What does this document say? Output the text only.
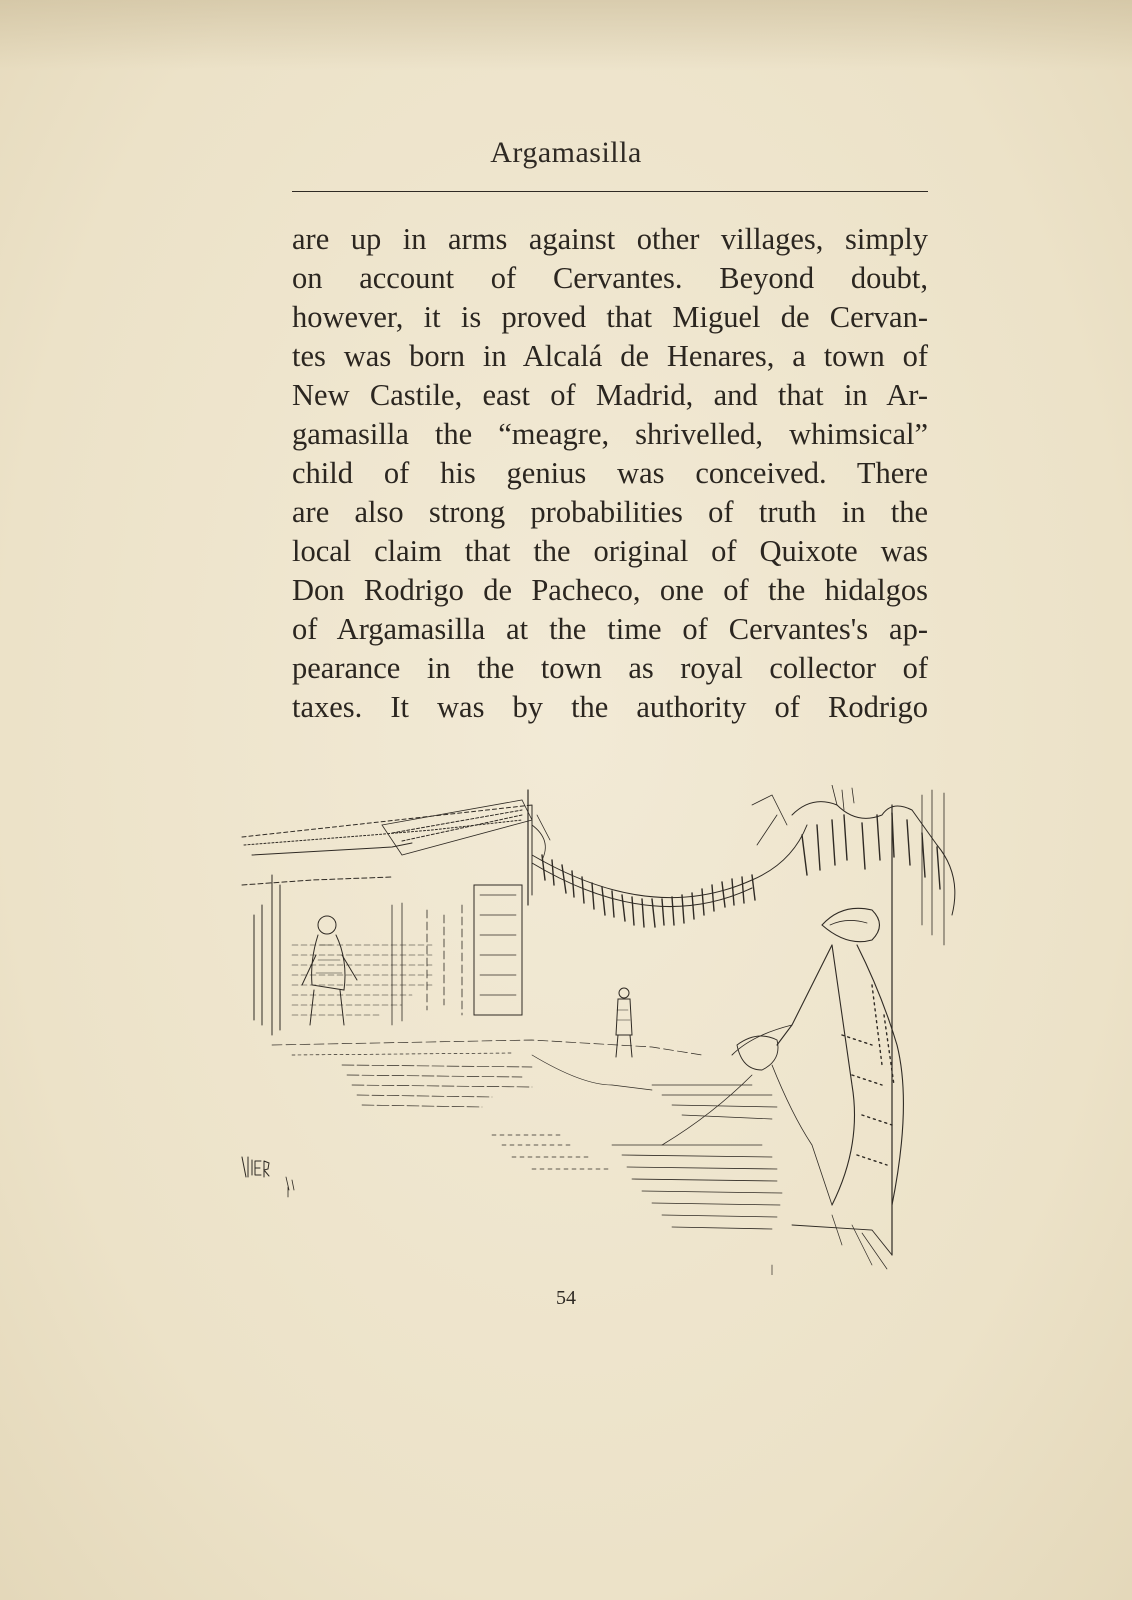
Argamasilla
are up in arms against other villages, simply
on account of Cervantes. Beyond doubt,
however, it is proved that Miguel de Cervan-
tes was born in Alcalá de Henares, a town of
New Castile, east of Madrid, and that in Ar-
gamasilla the “meagre, shrivelled, whimsical”
child of his genius was conceived. There
are also strong probabilities of truth in the
local claim that the original of Quixote was
Don Rodrigo de Pacheco, one of the hidalgos
of Argamasilla at the time of Cervantes's ap-
pearance in the town as royal collector of
taxes. It was by the authority of Rodrigo
54
